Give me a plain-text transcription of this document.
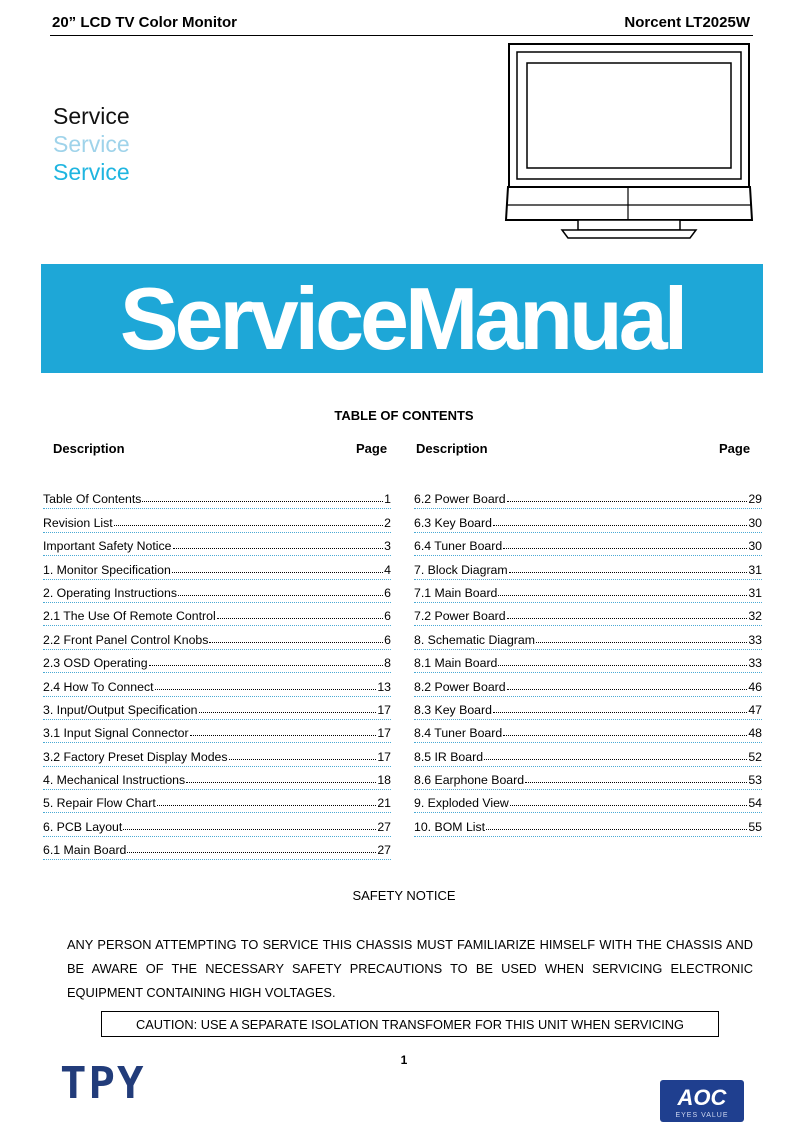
20” LCD TV Color Monitor	Norcent LT2025W
Service
Service
Service
ServiceManual
TABLE OF CONTENTS
Description	Page Description	Page
Table Of Contents	1
Revision List	2
Important Safety Notice	3
1. Monitor Specification	4
2. Operating Instructions	6
2.1 The Use Of Remote Control	6
2.2 Front Panel Control Knobs	6
2.3 OSD Operating	8
2.4 How To Connect	13
3. Input/Output Specification	17
3.1 Input Signal Connector	17
3.2 Factory Preset Display Modes	17
4. Mechanical Instructions	18
5. Repair Flow Chart	21
6. PCB Layout	27
6.1 Main Board	27
6.2 Power Board	29
6.3 Key Board	30
6.4 Tuner Board	30
7. Block Diagram	31
7.1 Main Board	31
7.2 Power Board	32
8. Schematic Diagram	33
8.1 Main Board	33
8.2 Power Board	46
8.3 Key Board	47
8.4 Tuner Board	48
8.5 IR Board	52
8.6 Earphone Board	53
9. Exploded View	54
10. BOM List	55
SAFETY NOTICE
ANY PERSON ATTEMPTING TO SERVICE THIS CHASSIS MUST FAMILIARIZE HIMSELF WITH THE CHASSIS AND BE AWARE OF THE NECESSARY SAFETY PRECAUTIONS TO BE USED WHEN SERVICING ELECTRONIC EQUIPMENT CONTAINING HIGH VOLTAGES.
CAUTION: USE A SEPARATE ISOLATION TRANSFOMER FOR THIS UNIT WHEN SERVICING
1
TPY	AOC
EYES VALUE
